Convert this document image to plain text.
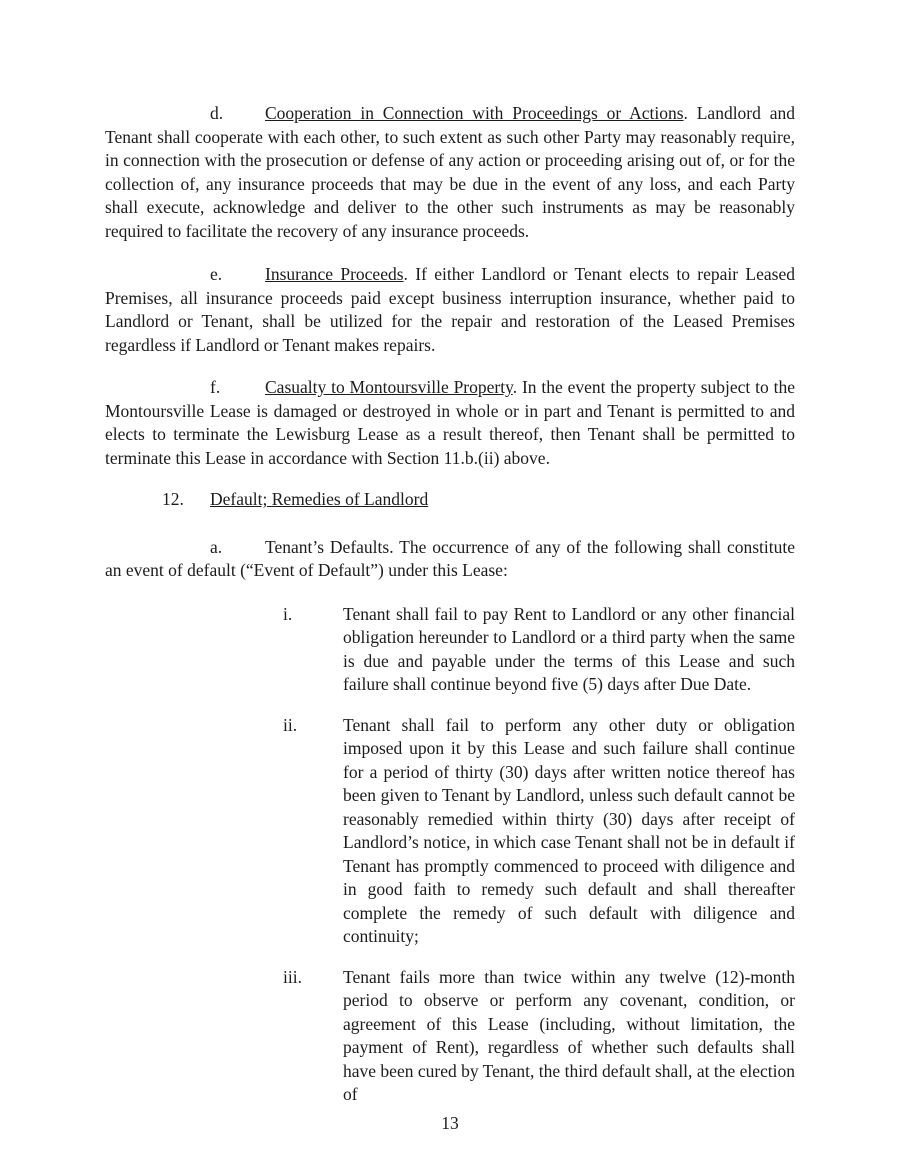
d. Cooperation in Connection with Proceedings or Actions. Landlord and Tenant shall cooperate with each other, to such extent as such other Party may reasonably require, in connection with the prosecution or defense of any action or proceeding arising out of, or for the collection of, any insurance proceeds that may be due in the event of any loss, and each Party shall execute, acknowledge and deliver to the other such instruments as may be reasonably required to facilitate the recovery of any insurance proceeds.

e. Insurance Proceeds. If either Landlord or Tenant elects to repair Leased Premises, all insurance proceeds paid except business interruption insurance, whether paid to Landlord or Tenant, shall be utilized for the repair and restoration of the Leased Premises regardless if Landlord or Tenant makes repairs.

f.	Casualty to Montoursville Property. In the event the property subject to the Montoursville Lease is damaged or destroyed in whole or in part and Tenant is permitted to and elects to terminate the Lewisburg Lease as a result thereof, then Tenant shall be permitted to terminate this Lease in accordance with Section 11.b.(ii) above.

12. Default; Remedies of Landlord

a. Tenant’s Defaults. The occurrence of any of the following shall constitute an event of default (“Event of Default”) under this Lease:

i.	Tenant shall fail to pay Rent to Landlord or any other financial obligation hereunder to Landlord or a third party when the same is due and payable under the terms of this Lease and such failure shall continue beyond five (5) days after Due Date.

ii.	Tenant shall fail to perform any other duty or obligation imposed upon it by this Lease and such failure shall continue for a period of thirty (30) days after written notice thereof has been given to Tenant by Landlord, unless such default cannot be reasonably remedied within thirty (30) days after receipt of Landlord’s notice, in which case Tenant shall not be in default if Tenant has promptly commenced to proceed with diligence and in good faith to remedy such default and shall thereafter complete the remedy of such default with diligence and continuity;

iii. Tenant fails more than twice within any twelve (12)-month period to observe or perform any covenant, condition, or agreement of this Lease (including, without limitation, the payment of Rent), regardless of whether such defaults shall have been cured by Tenant, the third default shall, at the election of

13
